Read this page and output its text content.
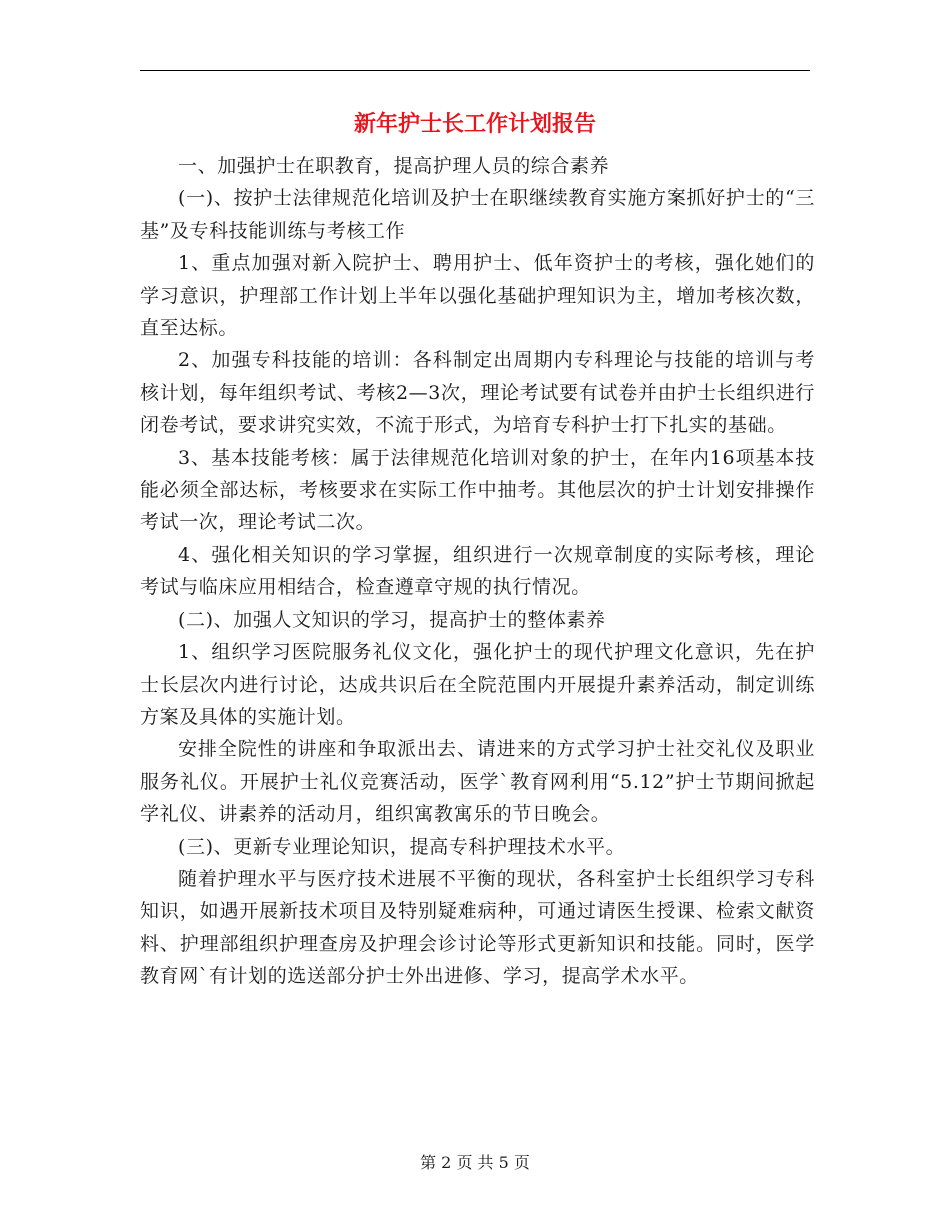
新年护士长工作计划报告

一、加强护士在职教育，提高护理人员的综合素养

(一)、按护士法律规范化培训及护士在职继续教育实施方案抓好护士的“三基”及专科技能训练与考核工作

1、重点加强对新入院护士、聘用护士、低年资护士的考核，强化她们的学习意识，护理部工作计划上半年以强化基础护理知识为主，增加考核次数，直至达标。

2、加强专科技能的培训：各科制定出周期内专科理论与技能的培训与考核计划，每年组织考试、考核2—3次，理论考试要有试卷并由护士长组织进行闭卷考试，要求讲究实效，不流于形式，为培育专科护士打下扎实的基础。

3、基本技能考核：属于法律规范化培训对象的护士，在年内16项基本技能必须全部达标，考核要求在实际工作中抽考。其他层次的护士计划安排操作考试一次，理论考试二次。

4、强化相关知识的学习掌握，组织进行一次规章制度的实际考核，理论考试与临床应用相结合，检查遵章守规的执行情况。

(二)、加强人文知识的学习，提高护士的整体素养

1、组织学习医院服务礼仪文化，强化护士的现代护理文化意识，先在护士长层次内进行讨论，达成共识后在全院范围内开展提升素养活动，制定训练方案及具体的实施计划。

安排全院性的讲座和争取派出去、请进来的方式学习护士社交礼仪及职业服务礼仪。开展护士礼仪竞赛活动，医学`教育网利用“5.12”护士节期间掀起学礼仪、讲素养的活动月，组织寓教寓乐的节日晚会。

(三)、更新专业理论知识，提高专科护理技术水平。

随着护理水平与医疗技术进展不平衡的现状，各科室护士长组织学习专科知识，如遇开展新技术项目及特别疑难病种，可通过请医生授课、检索文献资料、护理部组织护理查房及护理会诊讨论等形式更新知识和技能。同时，医学教育网`有计划的选送部分护士外出进修、学习，提高学术水平。

第 2 页 共 5 页
